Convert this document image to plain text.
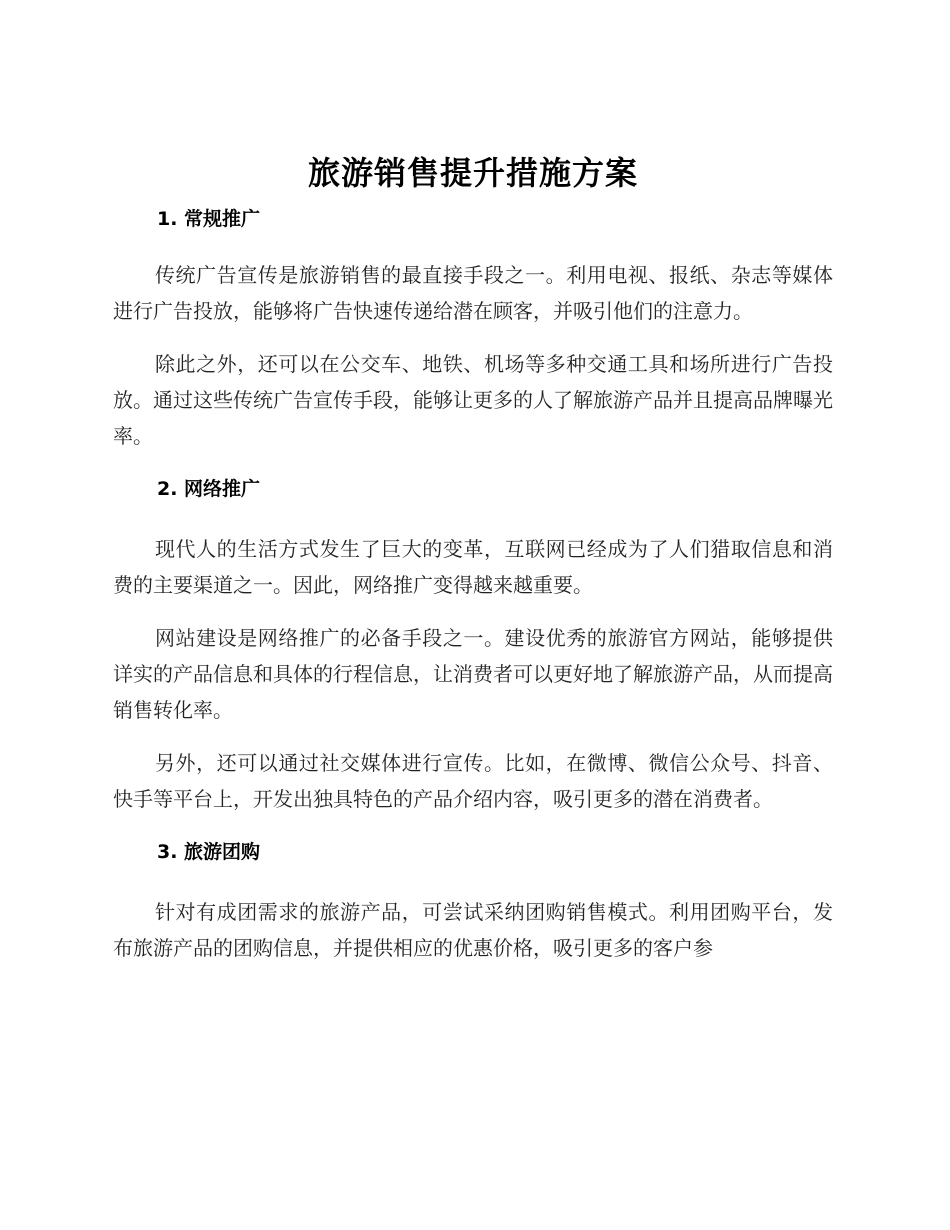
旅游销售提升措施方案
1. 常规推广

传统广告宣传是旅游销售的最直接手段之一。利用电视、报纸、杂志等媒体进行广告投放，能够将广告快速传递给潜在顾客，并吸引他们的注意力。

除此之外，还可以在公交车、地铁、机场等多种交通工具和场所进行广告投放。通过这些传统广告宣传手段，能够让更多的人了解旅游产品并且提高品牌曝光率。

2. 网络推广

现代人的生活方式发生了巨大的变革，互联网已经成为了人们猎取信息和消费的主要渠道之一。因此，网络推广变得越来越重要。

网站建设是网络推广的必备手段之一。建设优秀的旅游官方网站，能够提供详实的产品信息和具体的行程信息，让消费者可以更好地了解旅游产品，从而提高销售转化率。

另外，还可以通过社交媒体进行宣传。比如，在微博、微信公众号、抖音、快手等平台上，开发出独具特色的产品介绍内容，吸引更多的潜在消费者。

3. 旅游团购

针对有成团需求的旅游产品，可尝试采纳团购销售模式。利用团购平台，发布旅游产品的团购信息，并提供相应的优惠价格，吸引更多的客户参
